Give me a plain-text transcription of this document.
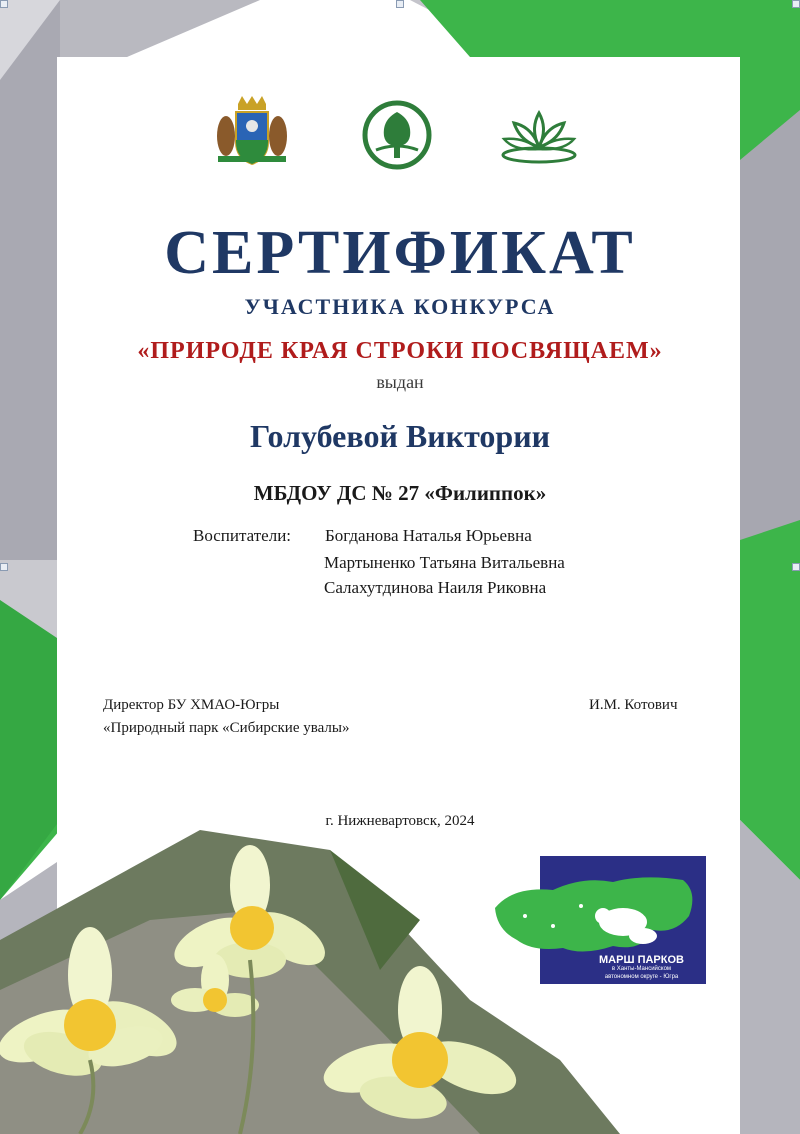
СЕРТИФИКАТ
УЧАСТНИКА КОНКУРСА
«ПРИРОДЕ КРАЯ СТРОКИ ПОСВЯЩАЕМ»
выдан
Голубевой Виктории
МБДОУ ДС № 27 «Филиппок»
Воспитатели: Богданова Наталья Юрьевна
Мартыненко Татьяна Витальевна
Салахутдинова Наиля Риковна
Директор БУ ХМАО-Югры
«Природный парк «Сибирские увалы»
И.М. Котович
г. Нижневартовск, 2024
МАРШ ПАРКОВ
в Ханты-Мансийском
автономном округе - Югра
